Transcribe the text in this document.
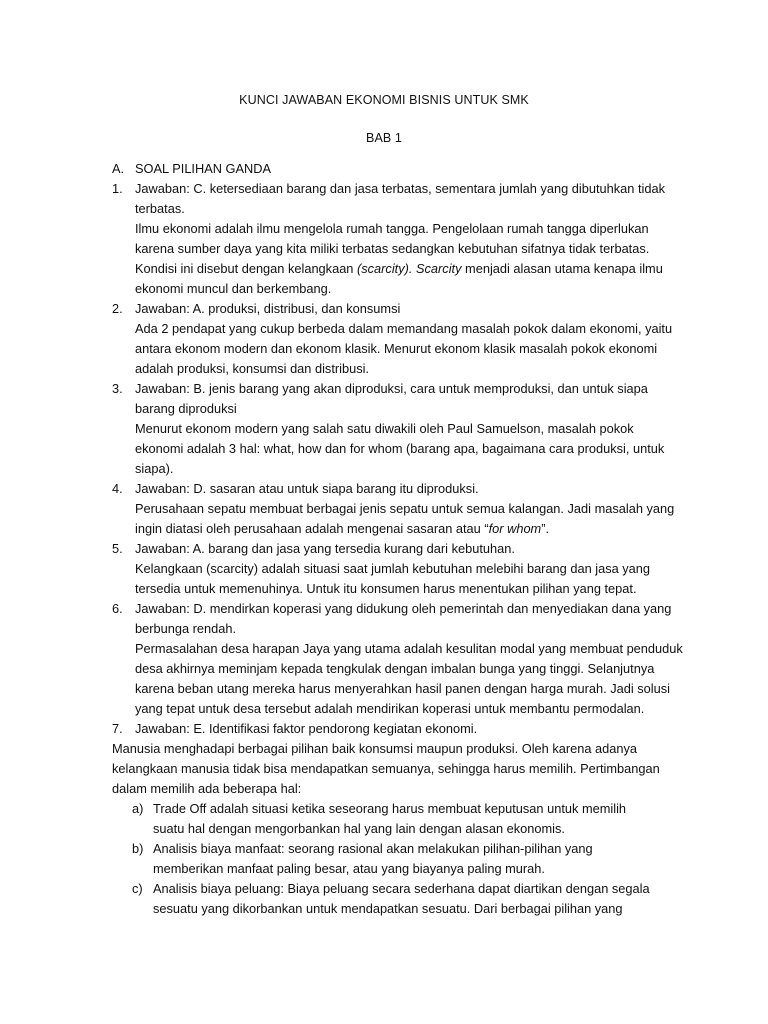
KUNCI JAWABAN EKONOMI BISNIS UNTUK SMK
BAB 1
A. SOAL PILIHAN GANDA
1. Jawaban: C. ketersediaan barang dan jasa terbatas, sementara jumlah yang dibutuhkan tidak
terbatas.
Ilmu ekonomi adalah ilmu mengelola rumah tangga. Pengelolaan rumah tangga diperlukan
karena sumber daya yang kita miliki terbatas sedangkan kebutuhan sifatnya tidak terbatas.
Kondisi ini disebut dengan kelangkaan (scarcity). Scarcity menjadi alasan utama kenapa ilmu
ekonomi muncul dan berkembang.
2. Jawaban: A. produksi, distribusi, dan konsumsi
Ada 2 pendapat yang cukup berbeda dalam memandang masalah pokok dalam ekonomi, yaitu
antara ekonom modern dan ekonom klasik. Menurut ekonom klasik masalah pokok ekonomi
adalah produksi, konsumsi dan distribusi.
3. Jawaban: B. jenis barang yang akan diproduksi, cara untuk memproduksi, dan untuk siapa
barang diproduksi
Menurut ekonom modern yang salah satu diwakili oleh Paul Samuelson, masalah pokok
ekonomi adalah 3 hal: what, how dan for whom (barang apa, bagaimana cara produksi, untuk
siapa).
4. Jawaban: D. sasaran atau untuk siapa barang itu diproduksi.
Perusahaan sepatu membuat berbagai jenis sepatu untuk semua kalangan. Jadi masalah yang
ingin diatasi oleh perusahaan adalah mengenai sasaran atau “for whom”.
5. Jawaban: A. barang dan jasa yang tersedia kurang dari kebutuhan.
Kelangkaan (scarcity) adalah situasi saat jumlah kebutuhan melebihi barang dan jasa yang
tersedia untuk memenuhinya. Untuk itu konsumen harus menentukan pilihan yang tepat.
6. Jawaban: D. mendirkan koperasi yang didukung oleh pemerintah dan menyediakan dana yang
berbunga rendah.
Permasalahan desa harapan Jaya yang utama adalah kesulitan modal yang membuat penduduk
desa akhirnya meminjam kepada tengkulak dengan imbalan bunga yang tinggi. Selanjutnya
karena beban utang mereka harus menyerahkan hasil panen dengan harga murah. Jadi solusi
yang tepat untuk desa tersebut adalah mendirikan koperasi untuk membantu permodalan.
7. Jawaban: E. Identifikasi faktor pendorong kegiatan ekonomi.
Manusia menghadapi berbagai pilihan baik konsumsi maupun produksi. Oleh karena adanya
kelangkaan manusia tidak bisa mendapatkan semuanya, sehingga harus memilih. Pertimbangan
dalam memilih ada beberapa hal:
a) Trade Off adalah situasi ketika seseorang harus membuat keputusan untuk memilih
suatu hal dengan mengorbankan hal yang lain dengan alasan ekonomis.
b) Analisis biaya manfaat: seorang rasional akan melakukan pilihan-pilihan yang
memberikan manfaat paling besar, atau yang biayanya paling murah.
c) Analisis biaya peluang: Biaya peluang secara sederhana dapat diartikan dengan segala
sesuatu yang dikorbankan untuk mendapatkan sesuatu. Dari berbagai pilihan yang
